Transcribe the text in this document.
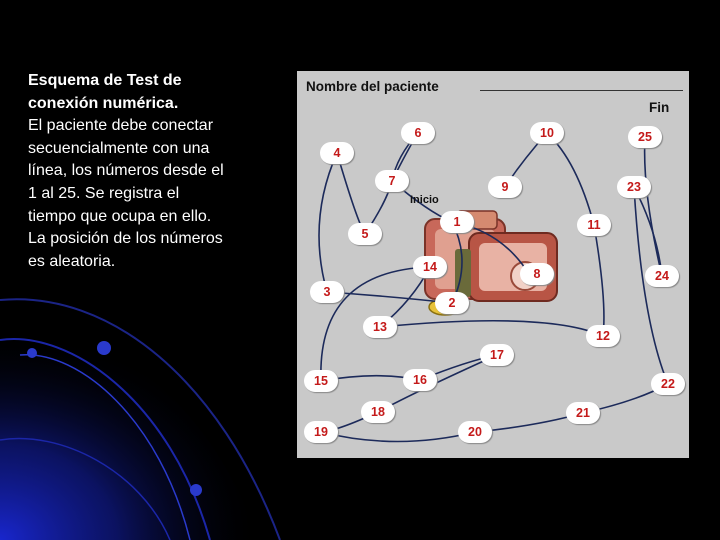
Esquema de Test de
conexión numérica.
El paciente debe conectar
secuencialmente con una
línea, los números desde el
1 al 25. Se registra el
tiempo que ocupa en ello.
La posición de los números
es aleatoria.
Nombre del paciente
Fin
Inicio
1
2
3
4
5
6
7
8
9
10
11
12
13
14
15	16
17
18
19	20
21
22
23
24
25
